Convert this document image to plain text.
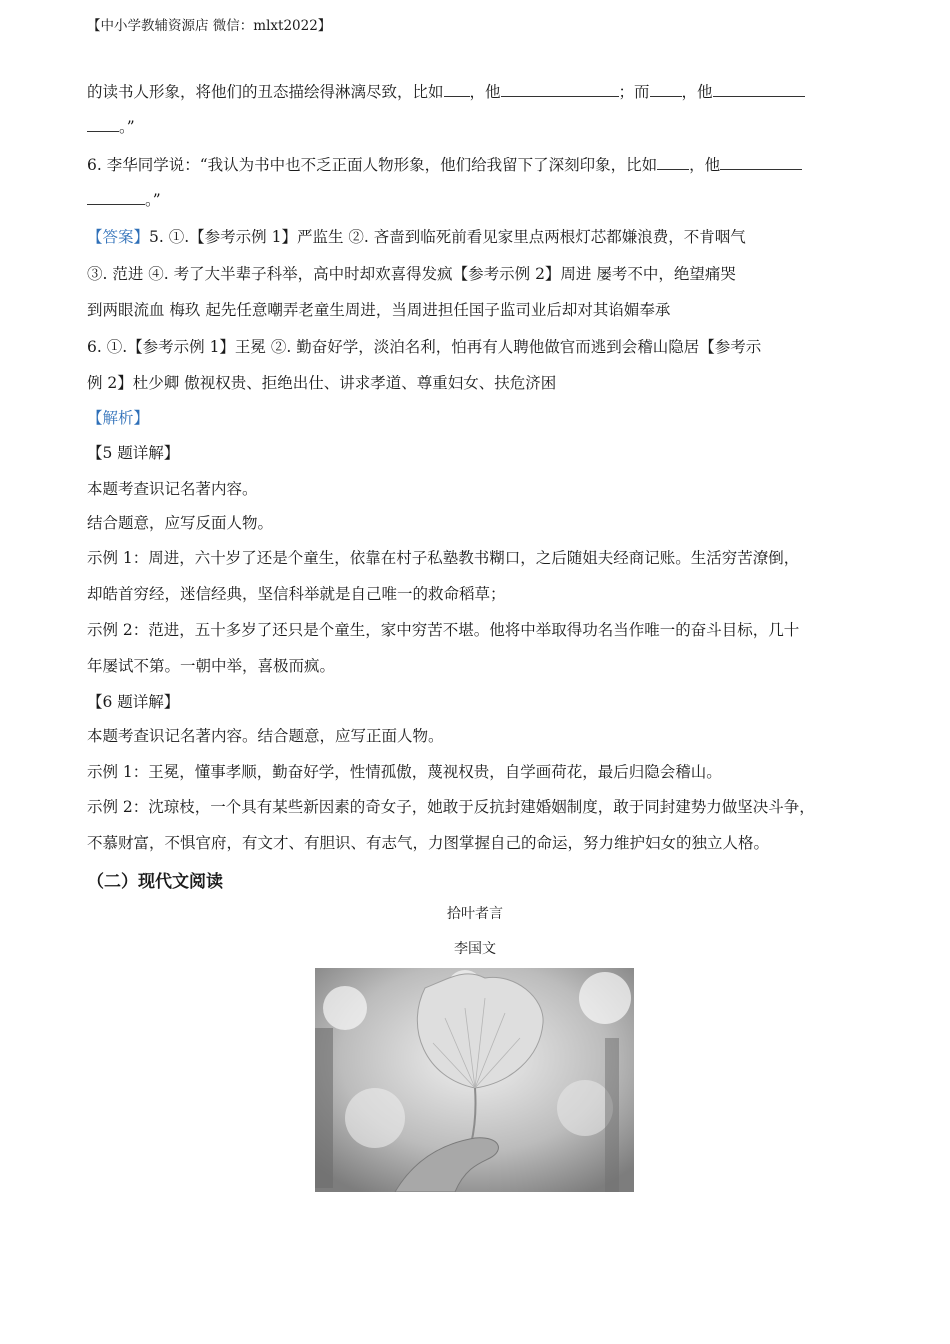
【中小学教辅资源店 微信：mlxt2022】
的读书人形象，将他们的丑态描绘得淋漓尽致，比如 ，他	；而 ，他
。”
6. 李华同学说：“我认为书中也不乏正面人物形象，他们给我留下了深刻印象，比如 ，他
。”
【答案】5. ①.【参考示例 1】严监生 ②. 吝啬到临死前看见家里点两根灯芯都嫌浪费，不肯咽气
③. 范进 ④. 考了大半辈子科举，高中时却欢喜得发疯【参考示例 2】周进 屡考不中，绝望痛哭
到两眼流血 梅玖 起先任意嘲弄老童生周进，当周进担任国子监司业后却对其谄媚奉承
6. ①.【参考示例 1】王冕 ②. 勤奋好学，淡泊名利，怕再有人聘他做官而逃到会稽山隐居【参考示
例 2】杜少卿 傲视权贵、拒绝出仕、讲求孝道、尊重妇女、扶危济困
【解析】
【5 题详解】
本题考查识记名著内容。
结合题意，应写反面人物。
示例 1：周进，六十岁了还是个童生，依靠在村子私塾教书糊口，之后随姐夫经商记账。生活穷苦潦倒，
却皓首穷经，迷信经典，坚信科举就是自己唯一的救命稻草；
示例 2：范进，五十多岁了还只是个童生，家中穷苦不堪。他将中举取得功名当作唯一的奋斗目标，几十
年屡试不第。一朝中举，喜极而疯。
【6 题详解】
本题考查识记名著内容。结合题意，应写正面人物。
示例 1：王冕，懂事孝顺，勤奋好学，性情孤傲，蔑视权贵，自学画荷花，最后归隐会稽山。
示例 2：沈琼枝，一个具有某些新因素的奇女子，她敢于反抗封建婚姻制度，敢于同封建势力做坚决斗争，
不慕财富，不惧官府，有文才、有胆识、有志气，力图掌握自己的命运，努力维护妇女的独立人格。
（二）现代文阅读
拾叶者言
李国文
